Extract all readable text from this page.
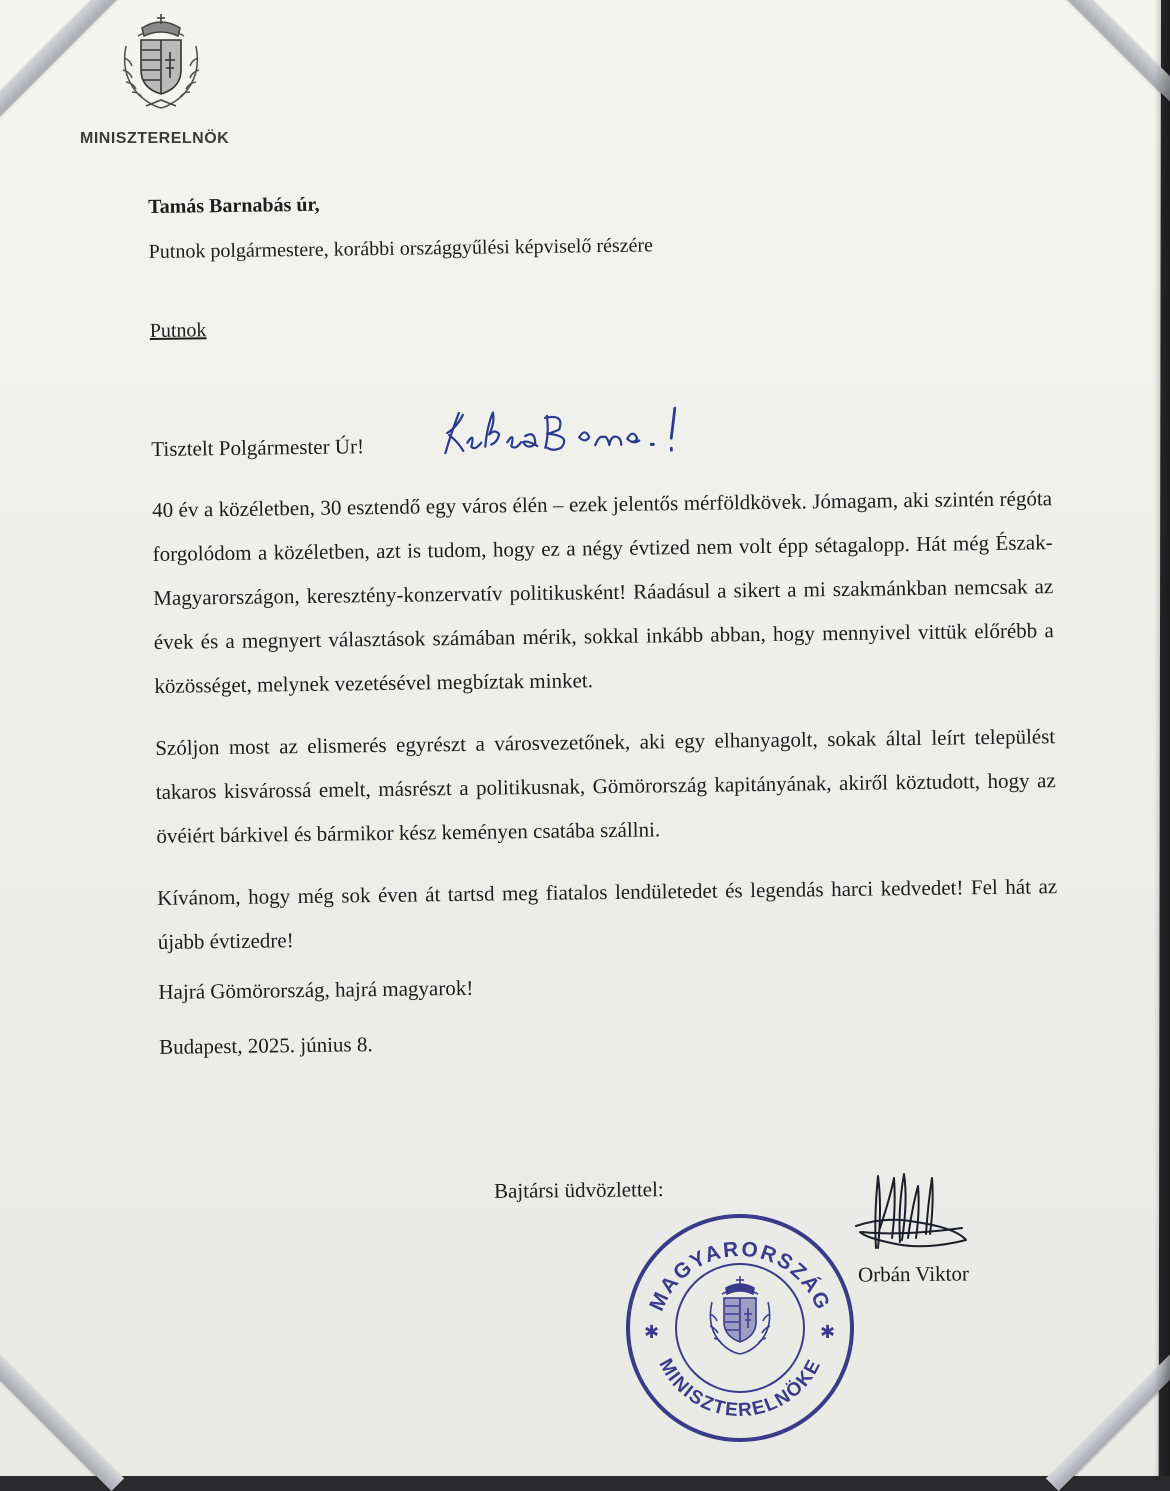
MINISZTERELNÖK

Tamás Barnabás úr,

Putnok polgármestere, korábbi országgyűlési képviselő részére

Putnok

Tisztelt Polgármester Úr!

40 év a közéletben, 30 esztendő egy város élén – ezek jelentős mérföldkövek. Jómagam, aki szintén régóta forgolódom a közéletben, azt is tudom, hogy ez a négy évtized nem volt épp sétagalopp. Hát még Észak-Magyarországon, keresztény-konzervatív politikusként! Ráadásul a sikert a mi szakmánkban nemcsak az évek és a megnyert választások számában mérik, sokkal inkább abban, hogy mennyivel vittük előrébb a közösséget, melynek vezetésével megbíztak minket.

Szóljon most az elismerés egyrészt a városvezetőnek, aki egy elhanyagolt, sokak által leírt települést takaros kisvárossá emelt, másrészt a politikusnak, Gömörország kapitányának, akiről köztudott, hogy az övéiért bárkivel és bármikor kész keményen csatába szállni.

Kívánom, hogy még sok éven át tartsd meg fiatalos lendületedet és legendás harci kedvedet! Fel hát az újabb évtizedre!

Hajrá Gömörország, hajrá magyarok!

Budapest, 2025. június 8.

Bajtársi üdvözlettel:
MAGYARORSZÁG
MINISZTERELNÖKE
✱	✱
Orbán Viktor
